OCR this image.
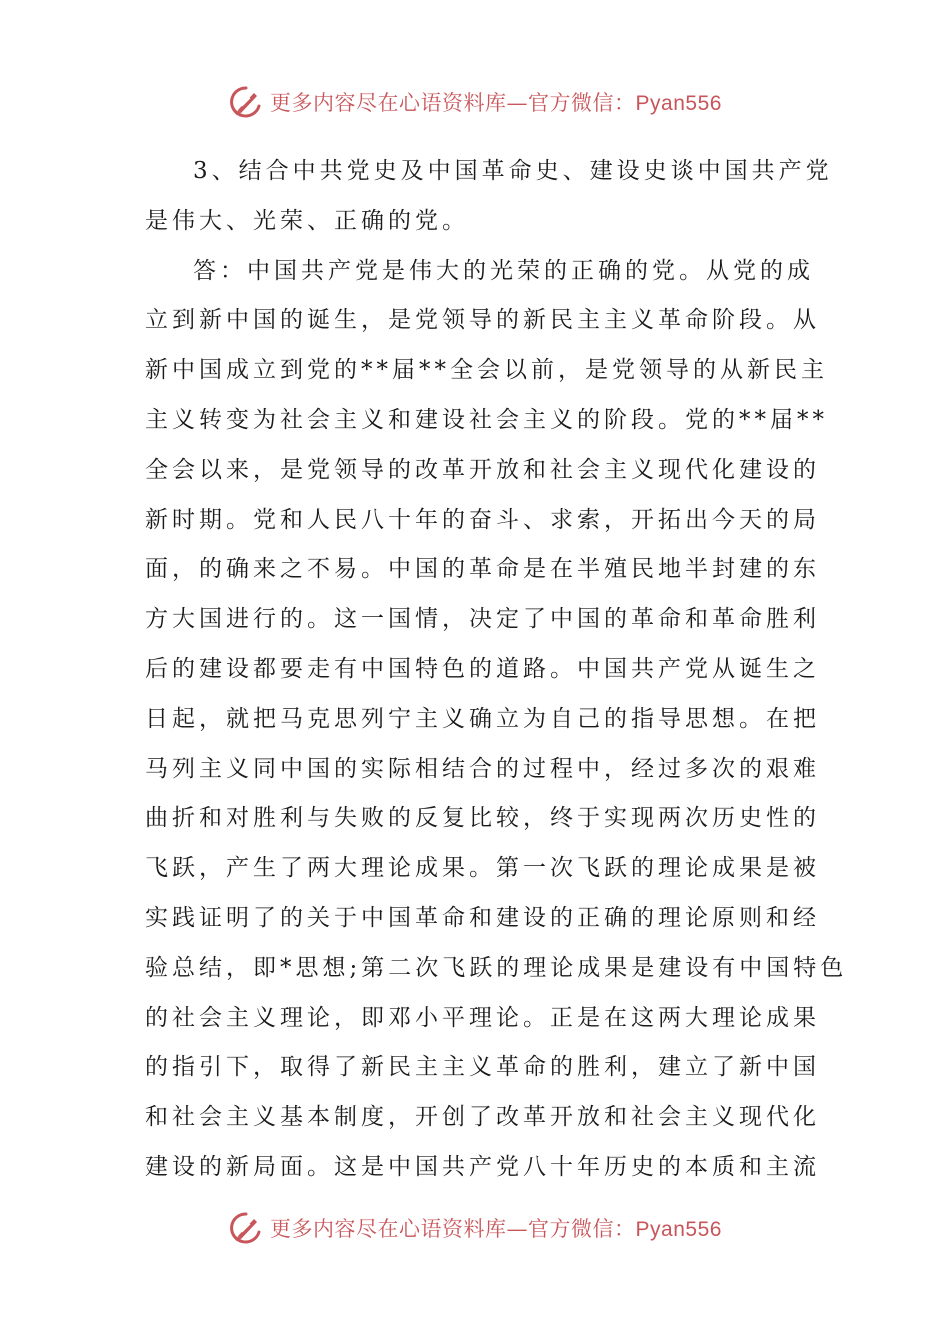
更多内容尽在心语资料库—官方微信：Pyan556
3 、 结 合 中 共 党 史 及 中 国 革 命 史 、 建 设 史 谈 中 国 共 产 党
是伟大、光荣、正确的党。
答 ： 中 国 共 产 党 是 伟 大 的 光 荣 的 正 确 的 党 。 从 党 的 成
立 到 新 中 国 的 诞 生 ， 是 党 领 导 的 新 民 主 主 义 革 命 阶 段 。 从
新 中 国 成 立 到 党 的 * * 届 * * 全 会 以 前 ， 是 党 领 导 的 从 新 民 主
主 义 转 变 为 社 会 主 义 和 建 设 社 会 主 义 的 阶 段 。 党 的 * * 届 * *
全 会 以 来 ， 是 党 领 导 的 改 革 开 放 和 社 会 主 义 现 代 化 建 设 的
新 时 期 。 党 和 人 民 八 十 年 的 奋 斗 、 求 索 ， 开 拓 出 今 天 的 局
面 ， 的 确 来 之 不 易 。 中 国 的 革 命 是 在 半 殖 民 地 半 封 建 的 东
方 大 国 进 行 的 。 这 一 国 情 ， 决 定 了 中 国 的 革 命 和 革 命 胜 利
后 的 建 设 都 要 走 有 中 国 特 色 的 道 路 。 中 国 共 产 党 从 诞 生 之
日 起 ， 就 把 马 克 思 列 宁 主 义 确 立 为 自 己 的 指 导 思 想 。 在 把
马 列 主 义 同 中 国 的 实 际 相 结 合 的 过 程 中 ， 经 过 多 次 的 艰 难
曲 折 和 对 胜 利 与 失 败 的 反 复 比 较 ， 终 于 实 现 两 次 历 史 性 的
飞 跃 ， 产 生 了 两 大 理 论 成 果 。 第 一 次 飞 跃 的 理 论 成 果 是 被
实 践 证 明 了 的 关 于 中 国 革 命 和 建 设 的 正 确 的 理 论 原 则 和 经
验 总 结 ， 即 * 思 想 ; 第 二 次 飞 跃 的 理 论 成 果 是 建 设 有 中 国 特 色
的 社 会 主 义 理 论 ， 即 邓 小 平 理 论 。 正 是 在 这 两 大 理 论 成 果
的 指 引 下 ， 取 得 了 新 民 主 主 义 革 命 的 胜 利 ， 建 立 了 新 中 国
和 社 会 主 义 基 本 制 度 ， 开 创 了 改 革 开 放 和 社 会 主 义 现 代 化
建 设 的 新 局 面 。 这 是 中 国 共 产 党 八 十 年 历 史 的 本 质 和 主 流
更多内容尽在心语资料库—官方微信：Pyan556
